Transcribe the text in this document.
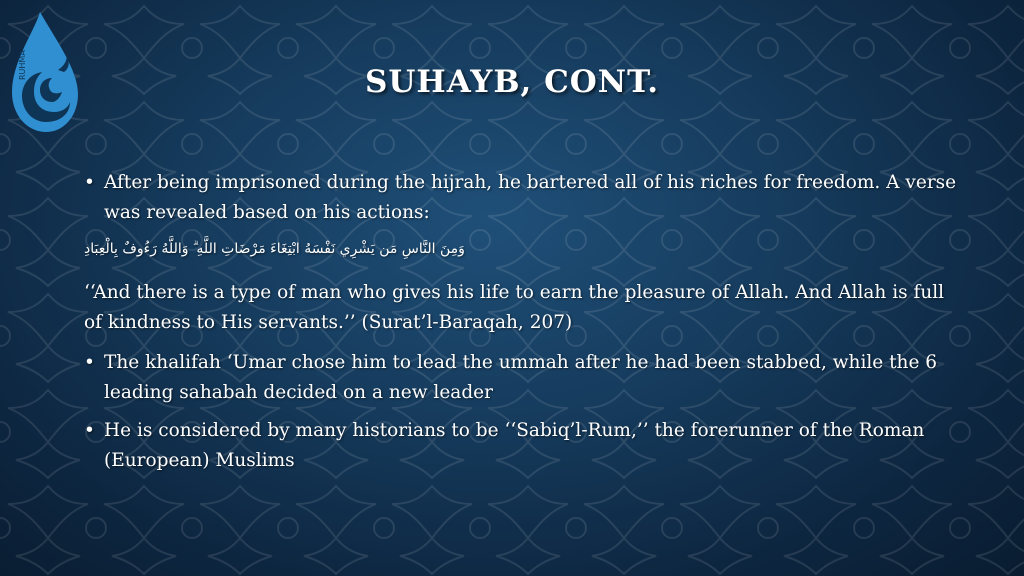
RUHMA	SUHAYB, CONT.
• After being imprisoned during the hijrah, he bartered all of his riches for freedom. A verse was revealed based on his actions:
وَمِنَ النَّاسِ مَن يَشْرِي نَفْسَهُ ابْتِغَاءَ مَرْضَاتِ اللَّهِ ۗ وَاللَّهُ رَءُوفٌ بِالْعِبَادِ
‘‘And there is a type of man who gives his life to earn the pleasure of Allah. And Allah is full of kindness to His servants.’’ (Surat’l-Baraqah, 207)
• The khalifah ‘Umar chose him to lead the ummah after he had been stabbed, while the 6 leading sahabah decided on a new leader
• He is considered by many historians to be ‘‘Sabiq’l-Rum,’’ the forerunner of the Roman (European) Muslims
